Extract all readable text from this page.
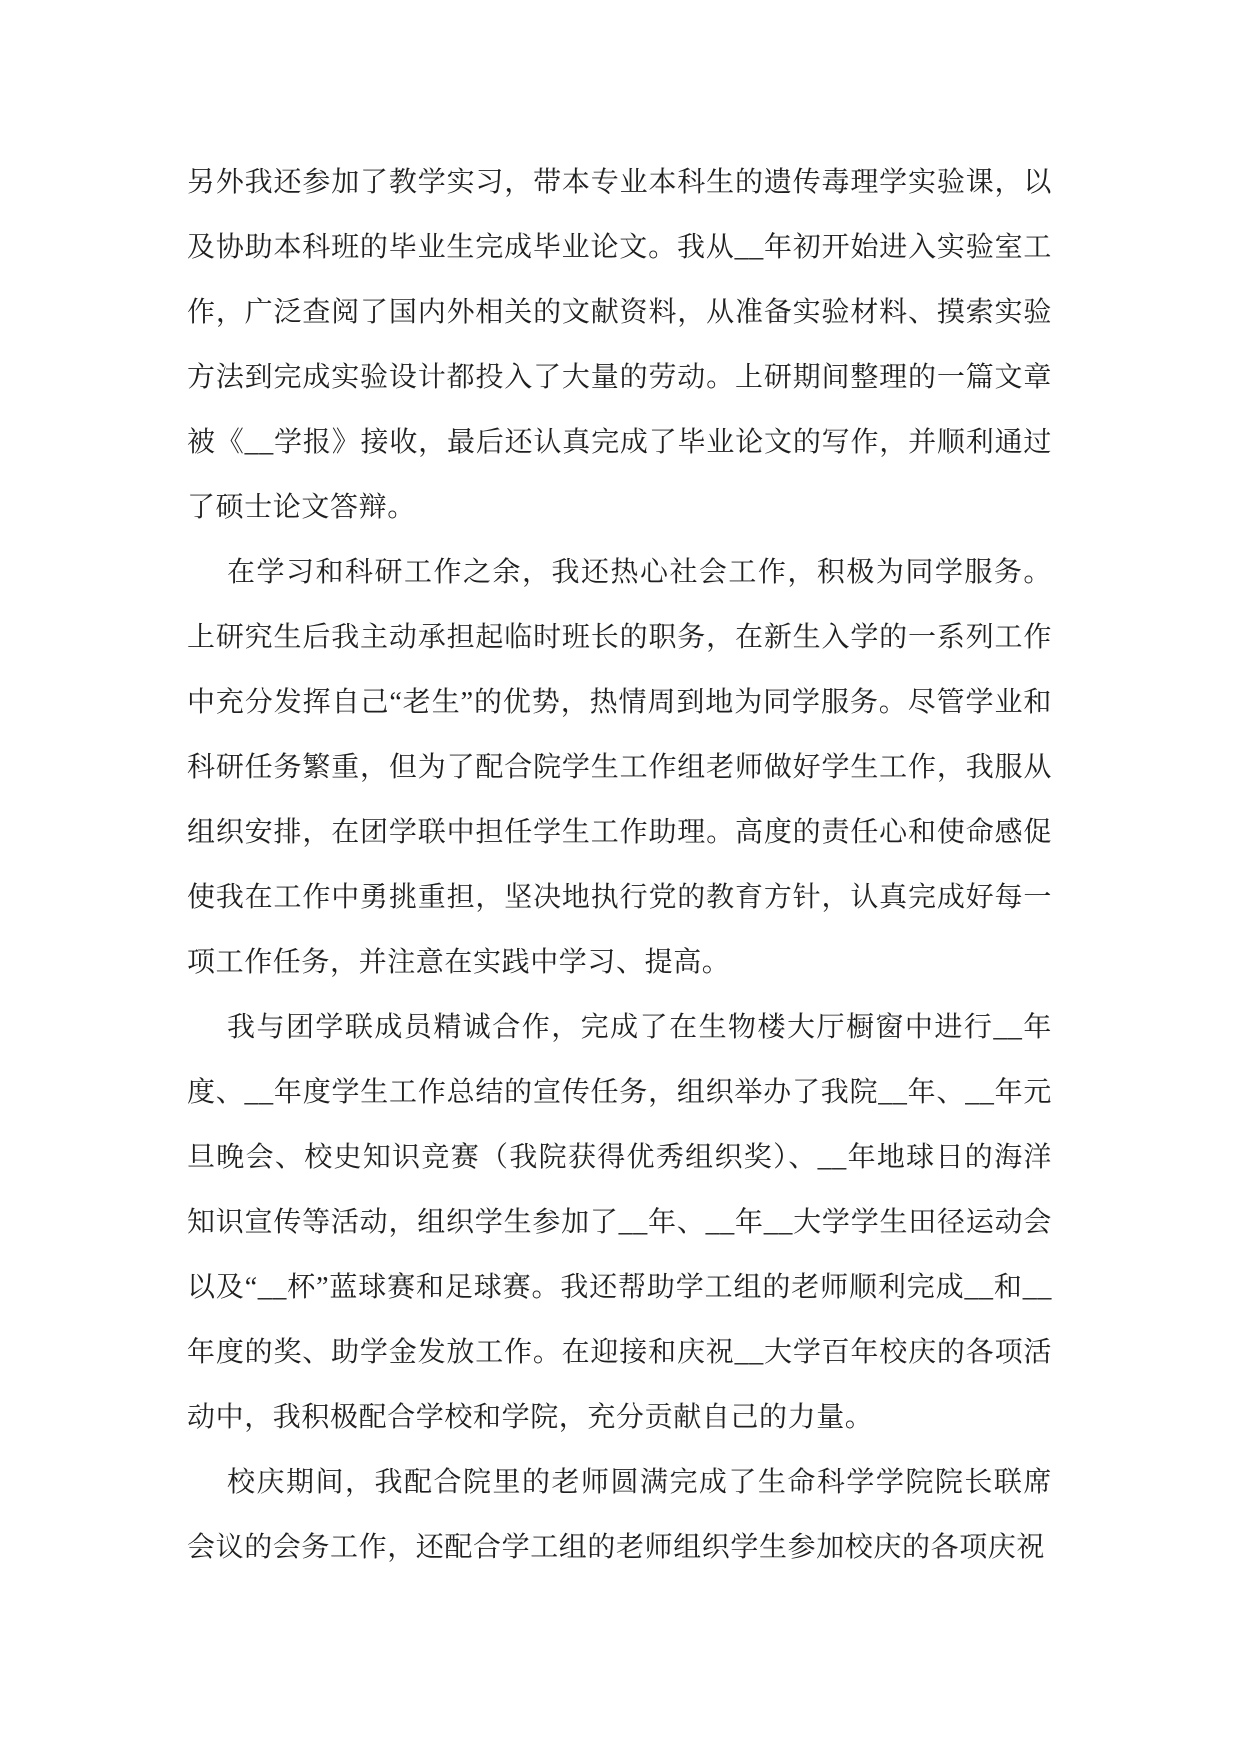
另外我还参加了教学实习，带本专业本科生的遗传毒理学实验课，以及协助本科班的毕业生完成毕业论文。我从__年初开始进入实验室工作，广泛查阅了国内外相关的文献资料，从准备实验材料、摸索实验方法到完成实验设计都投入了大量的劳动。上研期间整理的一篇文章被《__学报》接收，最后还认真完成了毕业论文的写作，并顺利通过了硕士论文答辩。

在学习和科研工作之余，我还热心社会工作，积极为同学服务。上研究生后我主动承担起临时班长的职务，在新生入学的一系列工作中充分发挥自己“老生”的优势，热情周到地为同学服务。尽管学业和科研任务繁重，但为了配合院学生工作组老师做好学生工作，我服从组织安排，在团学联中担任学生工作助理。高度的责任心和使命感促使我在工作中勇挑重担，坚决地执行党的教育方针，认真完成好每一项工作任务，并注意在实践中学习、提高。

我与团学联成员精诚合作，完成了在生物楼大厅橱窗中进行__年度、__年度学生工作总结的宣传任务，组织举办了我院__年、__年元旦晚会、校史知识竞赛（我院获得优秀组织奖）、__年地球日的海洋知识宣传等活动，组织学生参加了__年、__年__大学学生田径运动会以及“__杯”蓝球赛和足球赛。我还帮助学工组的老师顺利完成__和__年度的奖、助学金发放工作。在迎接和庆祝__大学百年校庆的各项活动中，我积极配合学校和学院，充分贡献自己的力量。

校庆期间，我配合院里的老师圆满完成了生命科学学院院长联席会议的会务工作，还配合学工组的老师组织学生参加校庆的各项庆祝
